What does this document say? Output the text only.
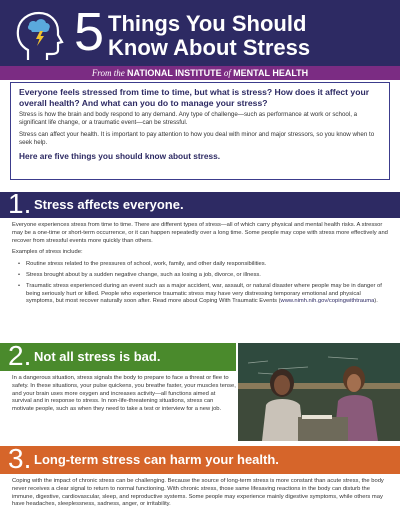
5 Things You Should
Know About Stress
From the NATIONAL INSTITUTE of MENTAL HEALTH
Everyone feels stressed from time to time, but what is stress? How does it affect your overall health? And what can you do to manage your stress?

Stress is how the brain and body respond to any demand. Any type of challenge—such as performance at work or school, a significant life change, or a traumatic event—can be stressful.

Stress can affect your health. It is important to pay attention to how you deal with minor and major stressors, so you know when to seek help.

Here are five things you should know about stress.
1. Stress affects everyone.

Everyone experiences stress from time to time. There are different types of stress—all of which carry physical and mental health risks. A stressor may be a one-time or short-term occurrence, or it can happen repeatedly over a long time. Some people may cope with stress more effectively and recover from stressful events more quickly than others.

Examples of stress include:

• Routine stress related to the pressures of school, work, family, and other daily responsibilities.
• Stress brought about by a sudden negative change, such as losing a job, divorce, or illness.
• Traumatic stress experienced during an event such as a major accident, war, assault, or natural disaster where people may be in danger of being seriously hurt or killed. People who experience traumatic stress may have very distressing temporary emotional and physical symptoms, but most recover naturally soon after. Read more about Coping With Traumatic Events (www.nimh.nih.gov/copingwithtrauma).
2. Not all stress is bad.

In a dangerous situation, stress signals the body to prepare to face a threat or flee to safety. In these situations, your pulse quickens, you breathe faster, your muscles tense, and your brain uses more oxygen and increases activity—all functions aimed at survival and in response to stress. In non-life-threatening situations, stress can motivate people, such as when they need to take a test or interview for a new job.

3. Long-term stress can harm your health.

Coping with the impact of chronic stress can be challenging. Because the source of long-term stress is more constant than acute stress, the body never receives a clear signal to return to normal functioning. With chronic stress, those same lifesaving reactions in the body can disturb the immune, digestive, cardiovascular, sleep, and reproductive systems. Some people may experience mainly digestive symptoms, while others may have headaches, sleeplessness, sadness, anger, or irritability.
